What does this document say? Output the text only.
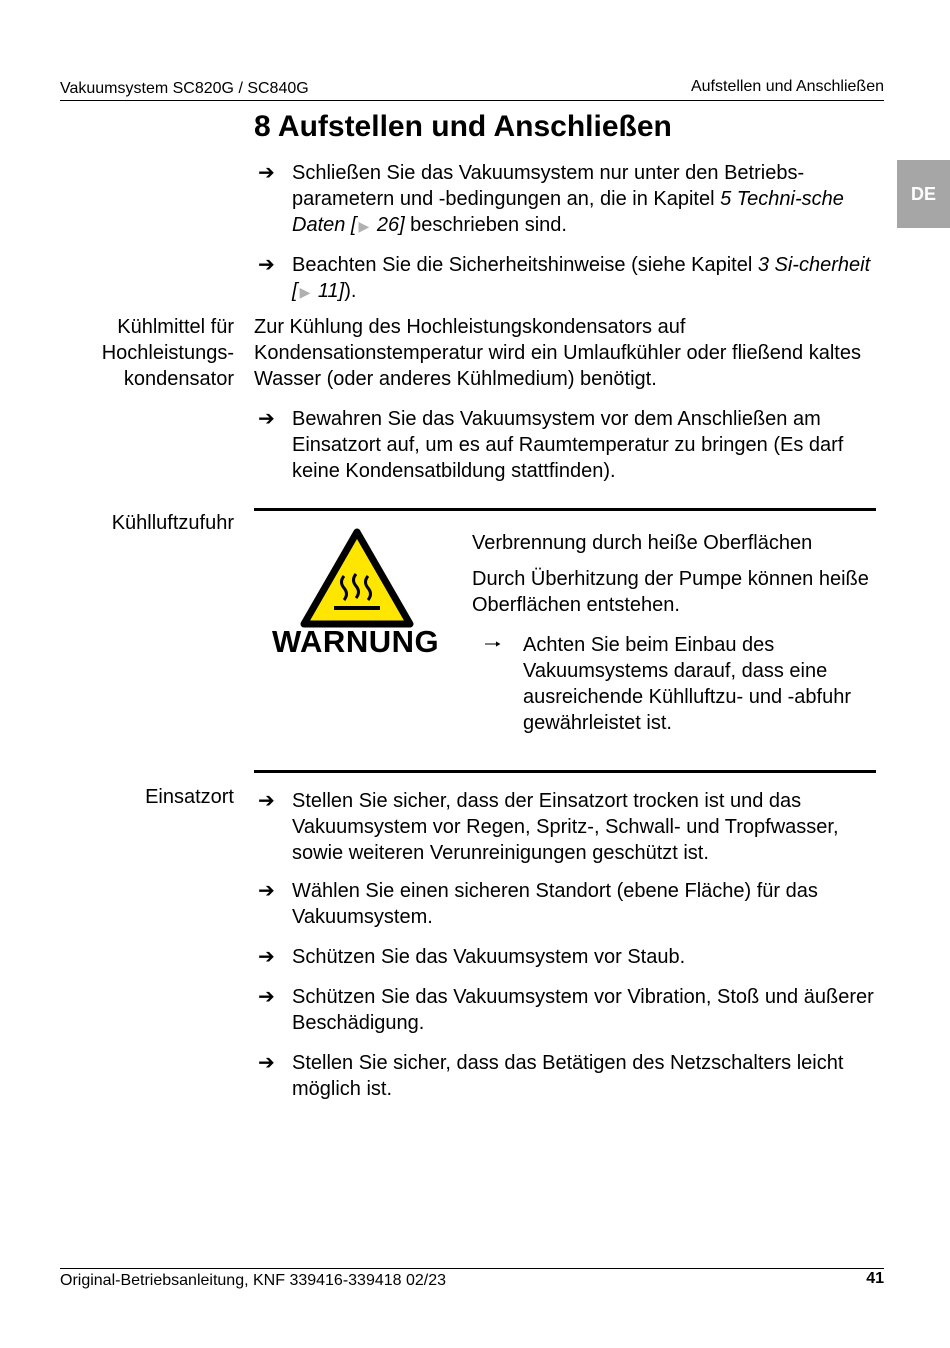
Vakuumsystem SC820G / SC840G	Aufstellen und Anschließen
DE
8 Aufstellen und Anschließen
➔ Schließen Sie das Vakuumsystem nur unter den Betriebs-parametern und -bedingungen an, die in Kapitel 5 Techni-sche Daten [ ▶ 26] beschrieben sind.
➔ Beachten Sie die Sicherheitshinweise (siehe Kapitel 3 Si-cherheit [ ▶ 11]).
Kühlmittel für Hochleistungs-kondensator
Zur Kühlung des Hochleistungskondensators auf Kondensationstemperatur wird ein Umlaufkühler oder fließend kaltes Wasser (oder anderes Kühlmedium) benötigt.
➔ Bewahren Sie das Vakuumsystem vor dem Anschließen am Einsatzort auf, um es auf Raumtemperatur zu bringen (Es darf keine Kondensatbildung stattfinden).
Kühlluftzufuhr
WARNUNG
Verbrennung durch heiße Oberflächen
Durch Überhitzung der Pumpe können heiße Oberflächen entstehen.
🠒 Achten Sie beim Einbau des Vakuumsystems darauf, dass eine ausreichende Kühlluftzu- und -abfuhr gewährleistet ist.
Einsatzort ➔ Stellen Sie sicher, dass der Einsatzort trocken ist und das Vakuumsystem vor Regen, Spritz-, Schwall- und Tropfwasser, sowie weiteren Verunreinigungen geschützt ist.
➔ Wählen Sie einen sicheren Standort (ebene Fläche) für das Vakuumsystem.
➔ Schützen Sie das Vakuumsystem vor Staub.
➔ Schützen Sie das Vakuumsystem vor Vibration, Stoß und äußerer Beschädigung.
➔ Stellen Sie sicher, dass das Betätigen des Netzschalters leicht möglich ist.
Original-Betriebsanleitung, KNF 339416-339418 02/23	41
